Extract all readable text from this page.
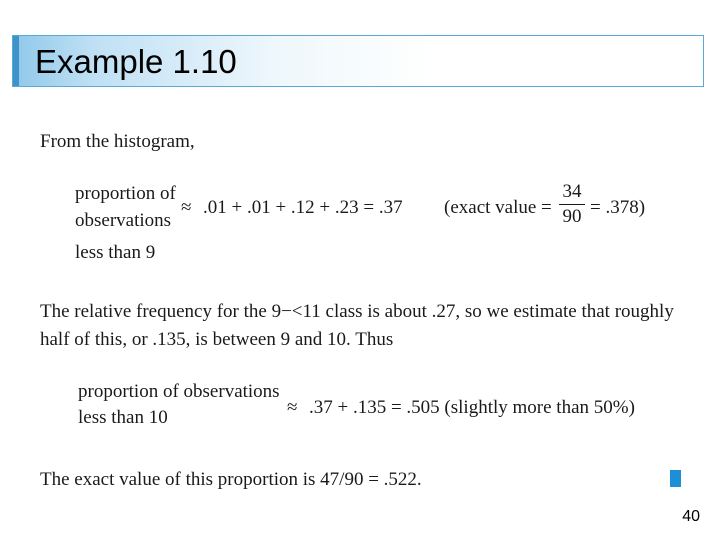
Example 1.10
From the histogram,
proportion of
observations
less than 9
≈ .01 + .01 + .12 + .23 = .37 (exact value =
34
90 = .378)
The relative frequency for the 9−<11 class is about .27, so we estimate that roughly
half of this, or .135, is between 9 and 10. Thus
proportion of observations
less than 10	≈ .37 + .135 = .505 (slightly more than 50%)
The exact value of this proportion is 47/90 = .522.
40
